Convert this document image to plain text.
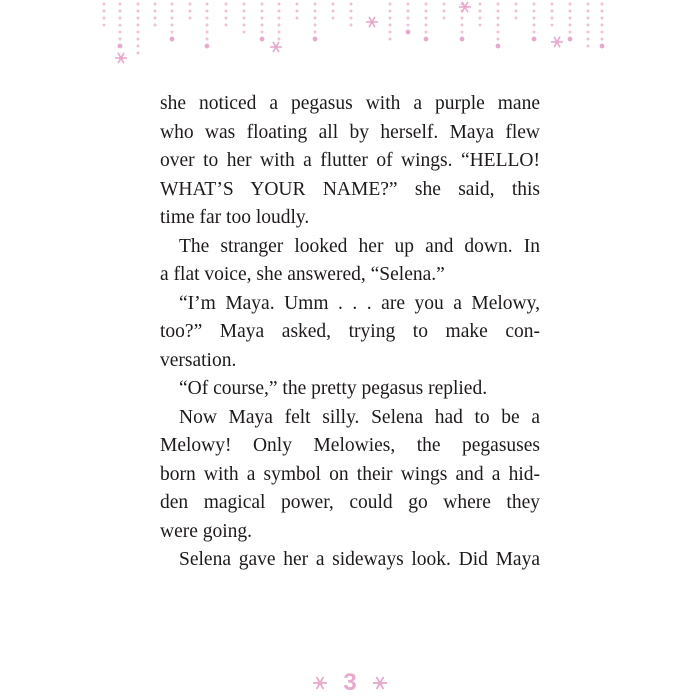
she noticed a pegasus with a purple mane
who was floating all by herself. Maya flew
over to her with a flutter of wings. “HELLO!
WHAT’S YOUR NAME?” she said, this
time far too loudly.
The stranger looked her up and down. In
a flat voice, she answered, “Selena.”
“I’m Maya. Umm . . . are you a Melowy,
too?” Maya asked, trying to make con-
versation.
“Of course,” the pretty pegasus replied.
Now Maya felt silly. Selena had to be a
Melowy! Only Melowies, the pegasuses
born with a symbol on their wings and a hid-
den magical power, could go where they
were going.
Selena gave her a sideways look. Did Maya
3
